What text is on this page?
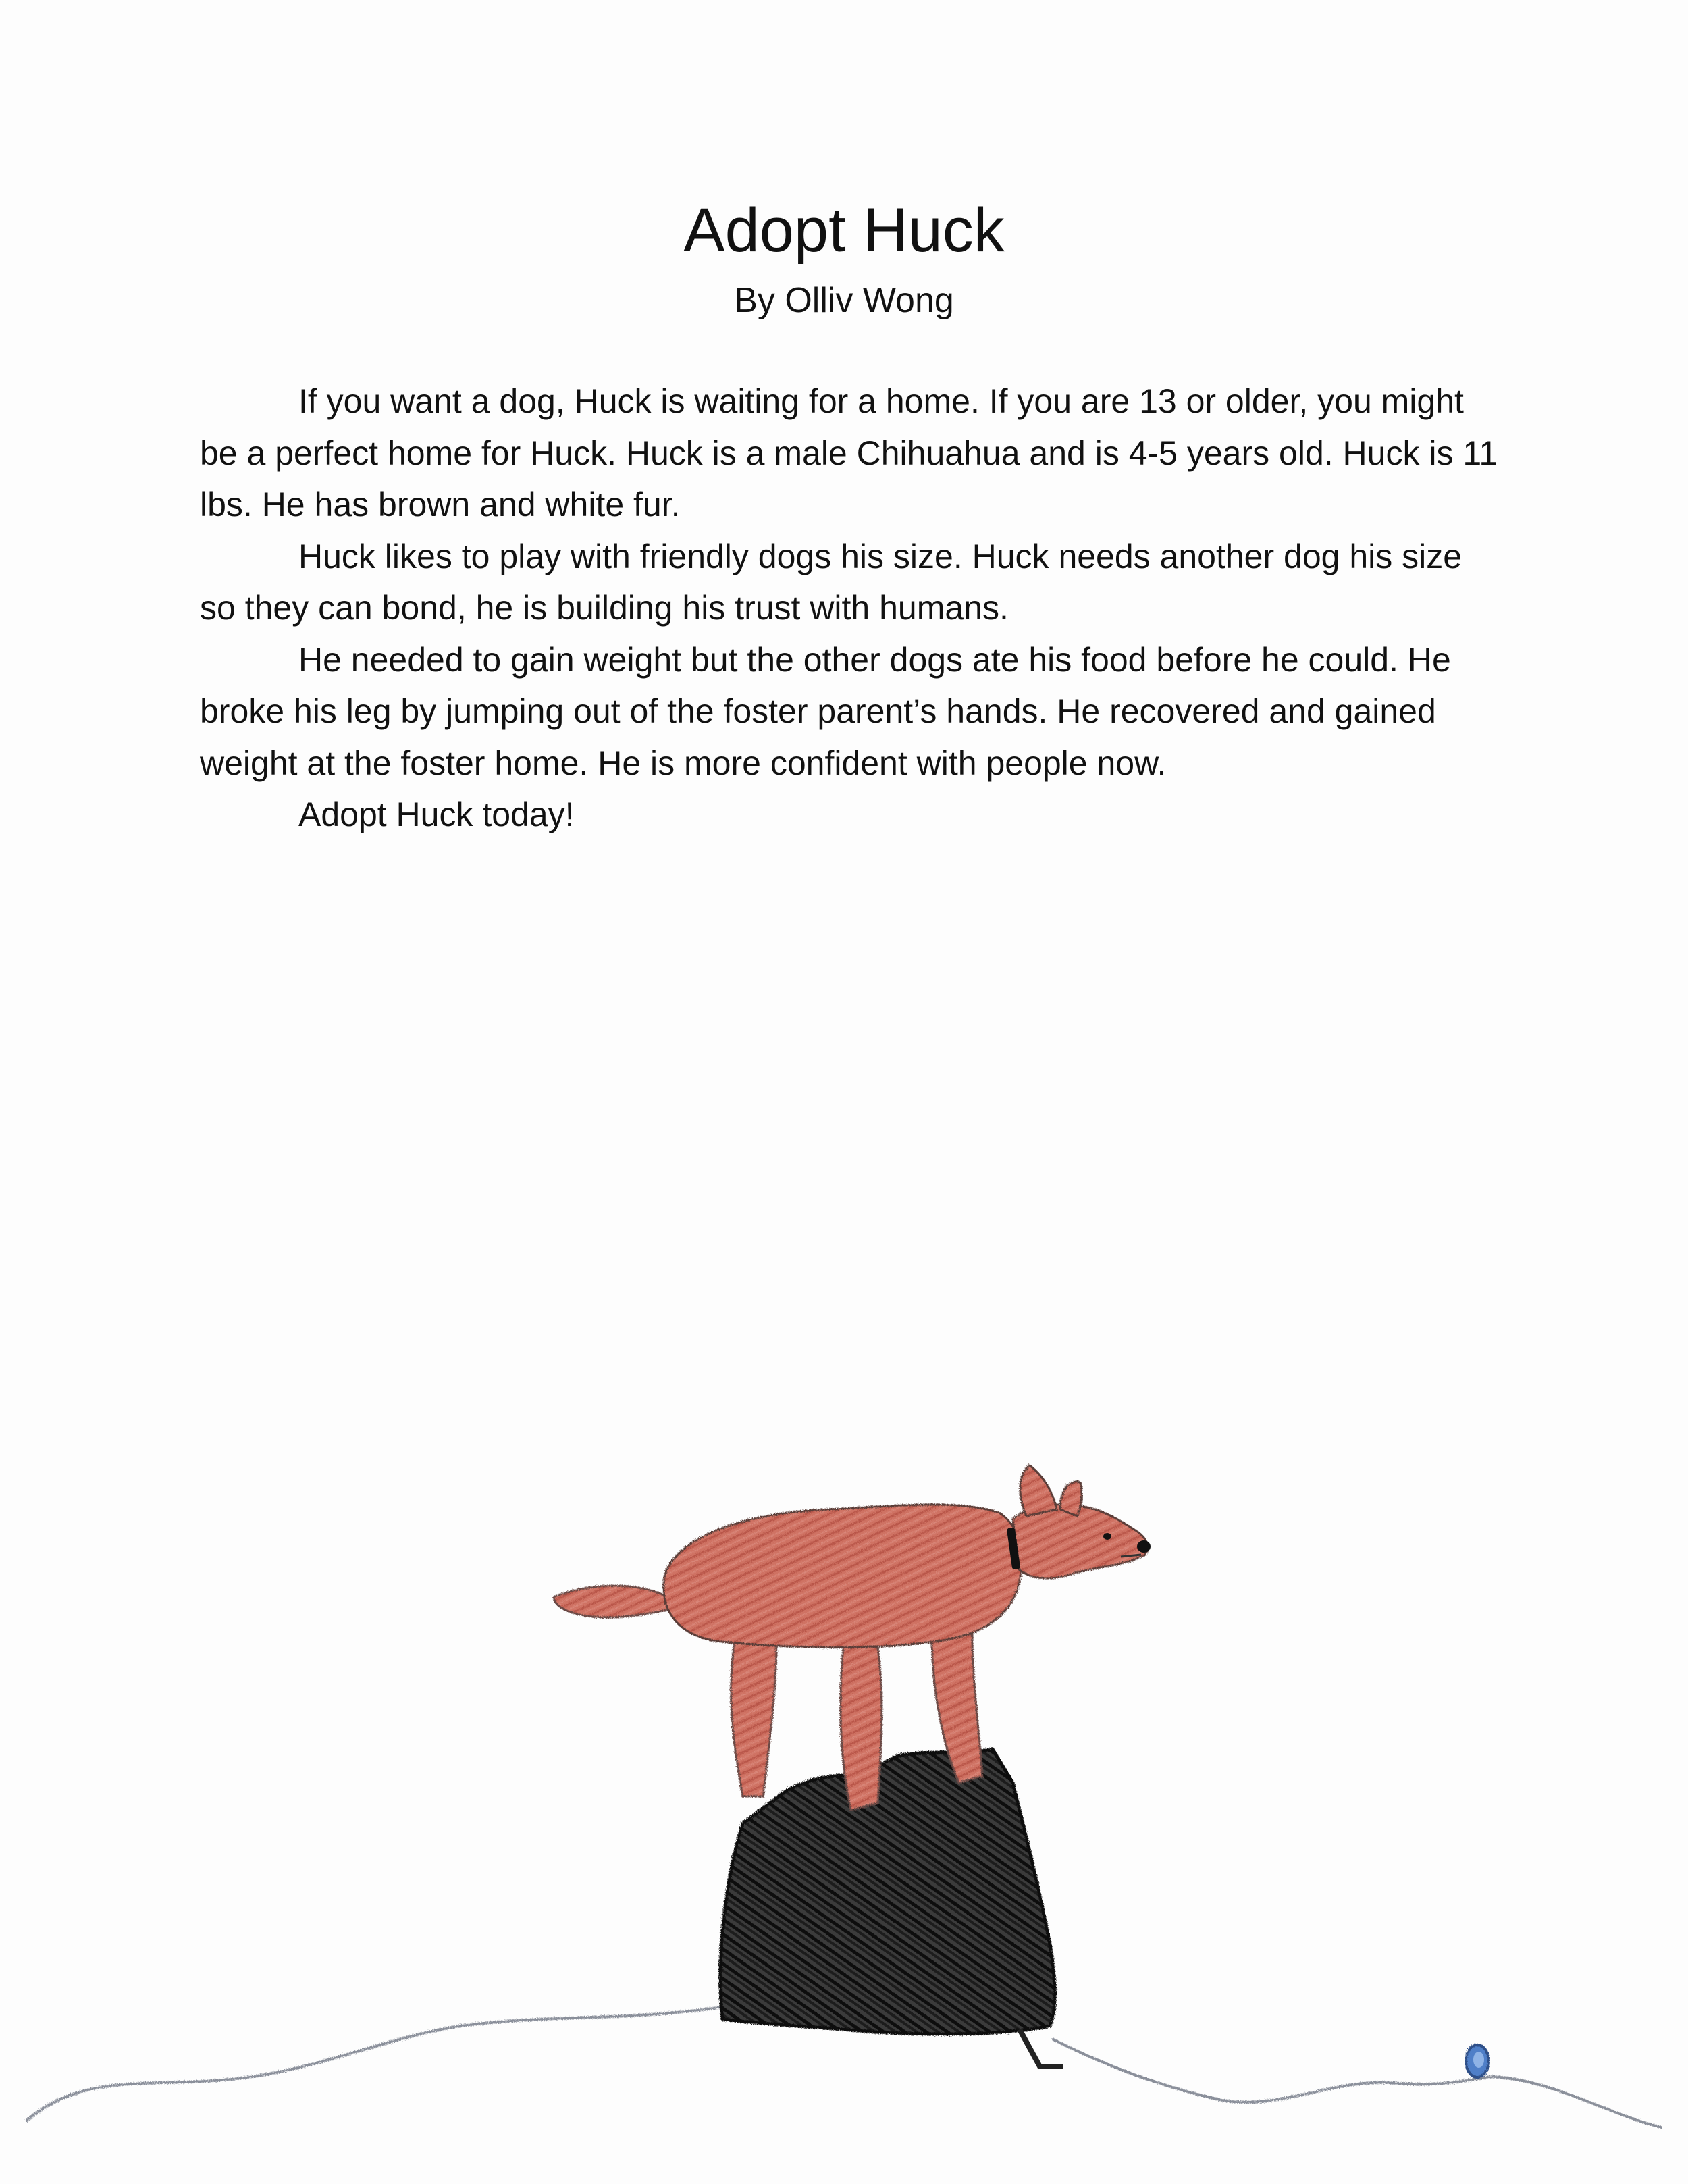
Adopt Huck
By Olliv Wong

If you want a dog, Huck is waiting for a home. If you are 13 or older, you might be a perfect home for Huck. Huck is a male Chihuahua and is 4-5 years old. Huck is 11 lbs. He has brown and white fur.

Huck likes to play with friendly dogs his size. Huck needs another dog his size so they can bond, he is building his trust with humans.

He needed to gain weight but the other dogs ate his food before he could. He broke his leg by jumping out of the foster parent’s hands. He recovered and gained weight at the foster home. He is more confident with people now.

Adopt Huck today!
